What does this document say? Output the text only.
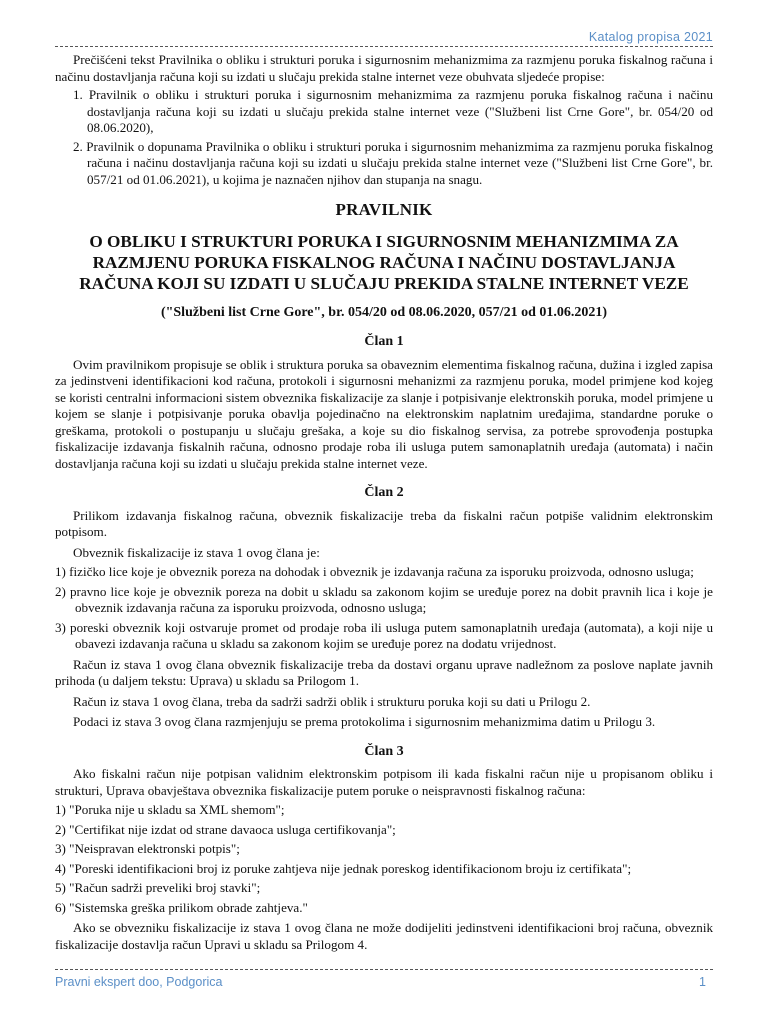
Katalog propisa 2021

Prečišćeni tekst Pravilnika o obliku i strukturi poruka i sigurnosnim mehanizmima za razmjenu poruka fiskalnog računa i načinu dostavljanja računa koji su izdati u slučaju prekida stalne internet veze obuhvata sljedeće propise:

1. Pravilnik o obliku i strukturi poruka i sigurnosnim mehanizmima za razmjenu poruka fiskalnog računa i načinu dostavljanja računa koji su izdati u slučaju prekida stalne internet veze ("Službeni list Crne Gore", br. 054/20 od 08.06.2020),
2. Pravilnik o dopunama Pravilnika o obliku i strukturi poruka i sigurnosnim mehanizmima za razmjenu poruka fiskalnog računa i načinu dostavljanja računa koji su izdati u slučaju prekida stalne internet veze ("Službeni list Crne Gore", br. 057/21 od 01.06.2021), u kojima je naznačen njihov dan stupanja na snagu.
PRAVILNIK
O OBLIKU I STRUKTURI PORUKA I SIGURNOSNIM MEHANIZMIMA ZA RAZMJENU PORUKA FISKALNOG RAČUNA I NAČINU DOSTAVLJANJA RAČUNA KOJI SU IZDATI U SLUČAJU PREKIDA STALNE INTERNET VEZE
("Službeni list Crne Gore", br. 054/20 od 08.06.2020, 057/21 od 01.06.2021)
Član 1

Ovim pravilnikom propisuje se oblik i struktura poruka sa obaveznim elementima fiskalnog računa, dužina i izgled zapisa za jedinstveni identifikacioni kod računa, protokoli i sigurnosni mehanizmi za razmjenu poruka, model primjene kod kojeg se koristi centralni informacioni sistem obveznika fiskalizacije za slanje i potpisivanje elektronskih poruka, model primjene u kojem se slanje i potpisivanje poruka obavlja pojedinačno na elektronskim naplatnim uređajima, standardne poruke o greškama, protokoli o postupanju u slučaju grešaka, a koje su dio fiskalnog servisa, za potrebe sprovođenja postupka fiskalizacije izdavanja fiskalnih računa, odnosno prodaje roba ili usluga putem samonaplatnih uređaja (automata) i način dostavljanja računa koji su izdati u slučaju prekida stalne internet veze.

Član 2

Prilikom izdavanja fiskalnog računa, obveznik fiskalizacije treba da fiskalni račun potpiše validnim elektronskim potpisom.

Obveznik fiskalizacije iz stava 1 ovog člana je:

1) fizičko lice koje je obveznik poreza na dohodak i obveznik je izdavanja računa za isporuku proizvoda, odnosno usluga;
2) pravno lice koje je obveznik poreza na dobit u skladu sa zakonom kojim se uređuje porez na dobit pravnih lica i koje je obveznik izdavanja računa za isporuku proizvoda, odnosno usluga;
3) poreski obveznik koji ostvaruje promet od prodaje roba ili usluga putem samonaplatnih uređaja (automata), a koji nije u obavezi izdavanja računa u skladu sa zakonom kojim se uređuje porez na dodatu vrijednost.

Račun iz stava 1 ovog člana obveznik fiskalizacije treba da dostavi organu uprave nadležnom za poslove naplate javnih prihoda (u daljem tekstu: Uprava) u skladu sa Prilogom 1.

Račun iz stava 1 ovog člana, treba da sadrži sadrži oblik i strukturu poruka koji su dati u Prilogu 2.

Podaci iz stava 3 ovog člana razmjenjuju se prema protokolima i sigurnosnim mehanizmima datim u Prilogu 3.

Član 3

Ako fiskalni račun nije potpisan validnim elektronskim potpisom ili kada fiskalni račun nije u propisanom obliku i strukturi, Uprava obavještava obveznika fiskalizacije putem poruke o neispravnosti fiskalnog računa:

1) "Poruka nije u skladu sa XML shemom";
2) "Certifikat nije izdat od strane davaoca usluga certifikovanja";
3) "Neispravan elektronski potpis";
4) "Poreski identifikacioni broj iz poruke zahtjeva nije jednak poreskog identifikacionom broju iz certifikata";
5) "Račun sadrži preveliki broj stavki";
6) "Sistemska greška prilikom obrade zahtjeva."

Ako se obvezniku fiskalizacije iz stava 1 ovog člana ne može dodijeliti jedinstveni identifikacioni broj računa, obveznik fiskalizacije dostavlja račun Upravi u skladu sa Prilogom 4.

Pravni ekspert doo, Podgorica	1
